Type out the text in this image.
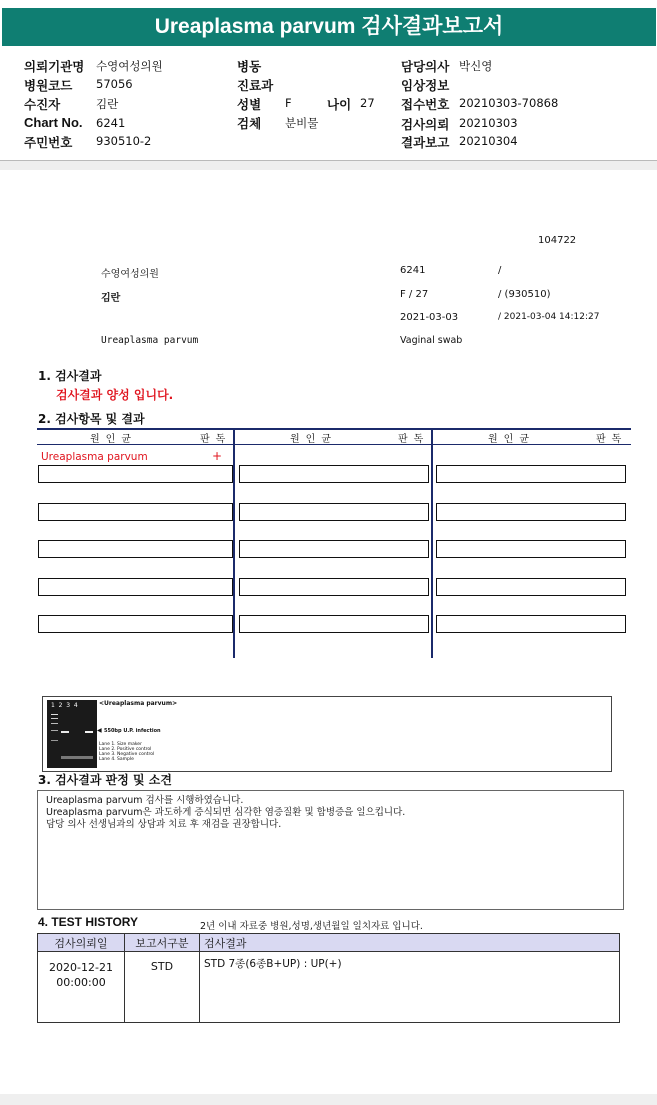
Ureaplasma parvum 검사결과보고서
의뢰기관명 수영여성의원
병원코드 57056
수진자	김란
Chart No. 6241
주민번호 930510-2
병동
진료과
성별 F	나이 27
검체 분비물
담당의사 박신영
임상정보
접수번호 20210303-70868
검사의뢰 20210303
결과보고 20210304
104722
수영여성의원	6241	/
김란	F / 27	/ (930510)
2021-03-03	/ 2021-03-04 14:12:27
Ureaplasma parvum	Vaginal swab
1. 검사결과
검사결과 양성 입니다.
2. 검사항목 및 결과
원인균	판독	원인균	판독	원인균	판독
Ureaplasma parvum	+
1  2  3  4	<Ureaplasma parvum>
◀ 550bp U.P. infection
Lane 1. Size maker
Lane 2. Positive control
Lane 3. Negative control
Lane 4. Sample
3. 검사결과 판정 및 소견
Ureaplasma parvum 검사를 시행하였습니다.
Ureaplasma parvum은 과도하게 증식되면 심각한 염증질환 및 합병증을 일으킵니다.
담당 의사 선생님과의 상담과 치료 후 재검을 권장합니다.
4. TEST HISTORY	2년 이내 자료중 병원,성명,생년월일 일치자료 입니다.
검사의뢰일	보고서구분	검사결과

2020-12-21
00:00:00	STD	STD 7종(6종B+UP) : UP(+)
